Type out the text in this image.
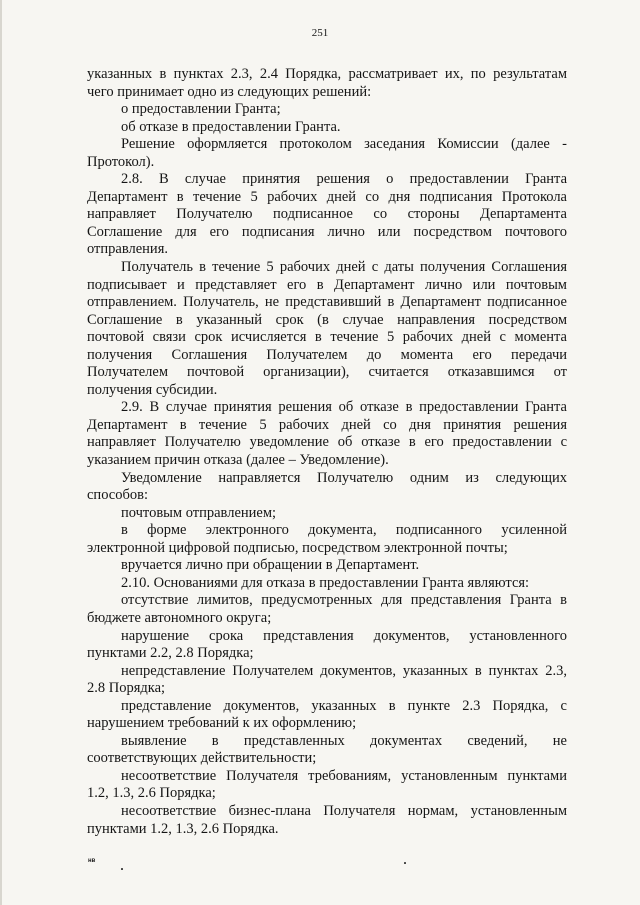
251
указанных в пунктах 2.3, 2.4 Порядка, рассматривает их, по результатам
чего принимает одно из следующих решений:
о предоставлении Гранта;
об отказе в предоставлении Гранта.
Решение оформляется протоколом заседания Комиссии (далее -
Протокол).
2.8. В случае принятия решения о предоставлении Гранта
Департамент в течение 5 рабочих дней со дня подписания Протокола
направляет Получателю подписанное со стороны Департамента
Соглашение для его подписания лично или посредством почтового
отправления.
Получатель в течение 5 рабочих дней с даты получения Соглашения
подписывает и представляет его в Департамент лично или почтовым
отправлением. Получатель, не представивший в Департамент подписанное
Соглашение в указанный срок (в случае направления посредством
почтовой связи срок исчисляется в течение 5 рабочих дней с момента
получения Соглашения Получателем до момента его передачи
Получателем почтовой организации), считается отказавшимся от
получения субсидии.
2.9. В случае принятия решения об отказе в предоставлении Гранта
Департамент в течение 5 рабочих дней со дня принятия решения
направляет Получателю уведомление об отказе в его предоставлении с
указанием причин отказа (далее – Уведомление).
Уведомление направляется Получателю одним из следующих
способов:
почтовым отправлением;
в форме электронного документа, подписанного усиленной
электронной цифровой подписью, посредством электронной почты;
вручается лично при обращении в Департамент.
2.10. Основаниями для отказа в предоставлении Гранта являются:
отсутствие лимитов, предусмотренных для представления Гранта в
бюджете автономного округа;
нарушение срока представления документов, установленного
пунктами 2.2, 2.8 Порядка;
непредставление Получателем документов, указанных в пунктах 2.3,
2.8 Порядка;
представление документов, указанных в пункте 2.3 Порядка, с
нарушением требований к их оформлению;
выявление в представленных документах сведений, не
соответствующих действительности;
несоответствие Получателя требованиям, установленным пунктами
1.2, 1.3, 2.6 Порядка;
несоответствие бизнес-плана Получателя нормам, установленным
пунктами 1.2, 1.3, 2.6 Порядка.
нв
